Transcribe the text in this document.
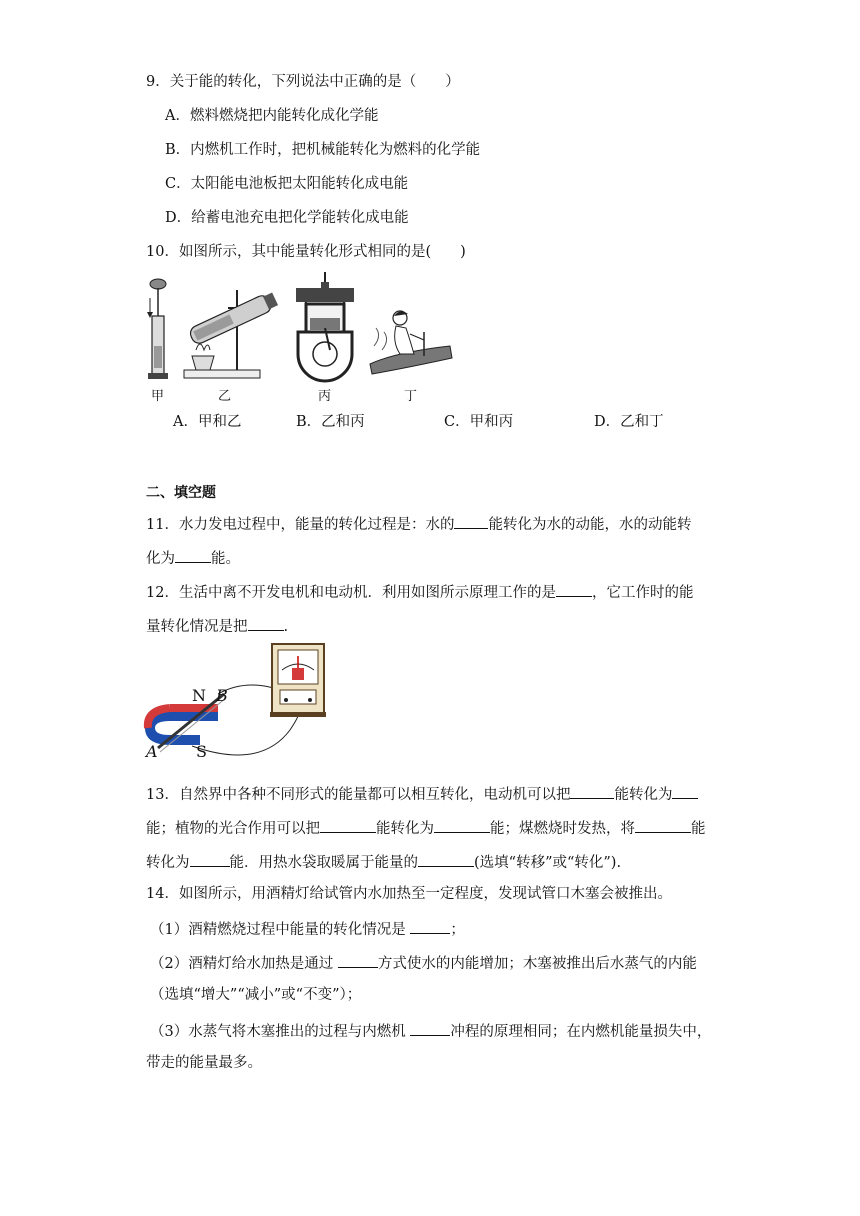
9．关于能的转化，下列说法中正确的是（　　）
A．燃料燃烧把内能转化成化学能
B．内燃机工作时，把机械能转化为燃料的化学能
C．太阳能电池板把太阳能转化成电能
D．给蓄电池充电把化学能转化成电能
10．如图所示，其中能量转化形式相同的是(　　)
甲	乙	丙	丁
A．甲和乙	B．乙和丙	C．甲和丙	D．乙和丁
二、填空题
11．水力发电过程中，能量的转化过程是：水的 能转化为水的动能，水的动能转
化为 能。
12．生活中离不开发电机和电动机．利用如图所示原理工作的是 ，它工作时的能
量转化情况是把 .
N
S
A
B
13．自然界中各种不同形式的能量都可以相互转化，电动机可以把	能转化为
能；植物的光合作用可以把	能转化为	能；煤燃烧时发热，将	能
转化为	能．用热水袋取暖属于能量的	(选填“转移”或“转化”).
14．如图所示，用酒精灯给试管内水加热至一定程度，发现试管口木塞会被推出。
（1）酒精燃烧过程中能量的转化情况是	；
（2）酒精灯给水加热是通过	方式使水的内能增加；木塞被推出后水蒸气的内能
（选填“增大”“减小”或“不变”）；
（3）水蒸气将木塞推出的过程与内燃机	冲程的原理相同；在内燃机能量损失中，
带走的能量最多。
